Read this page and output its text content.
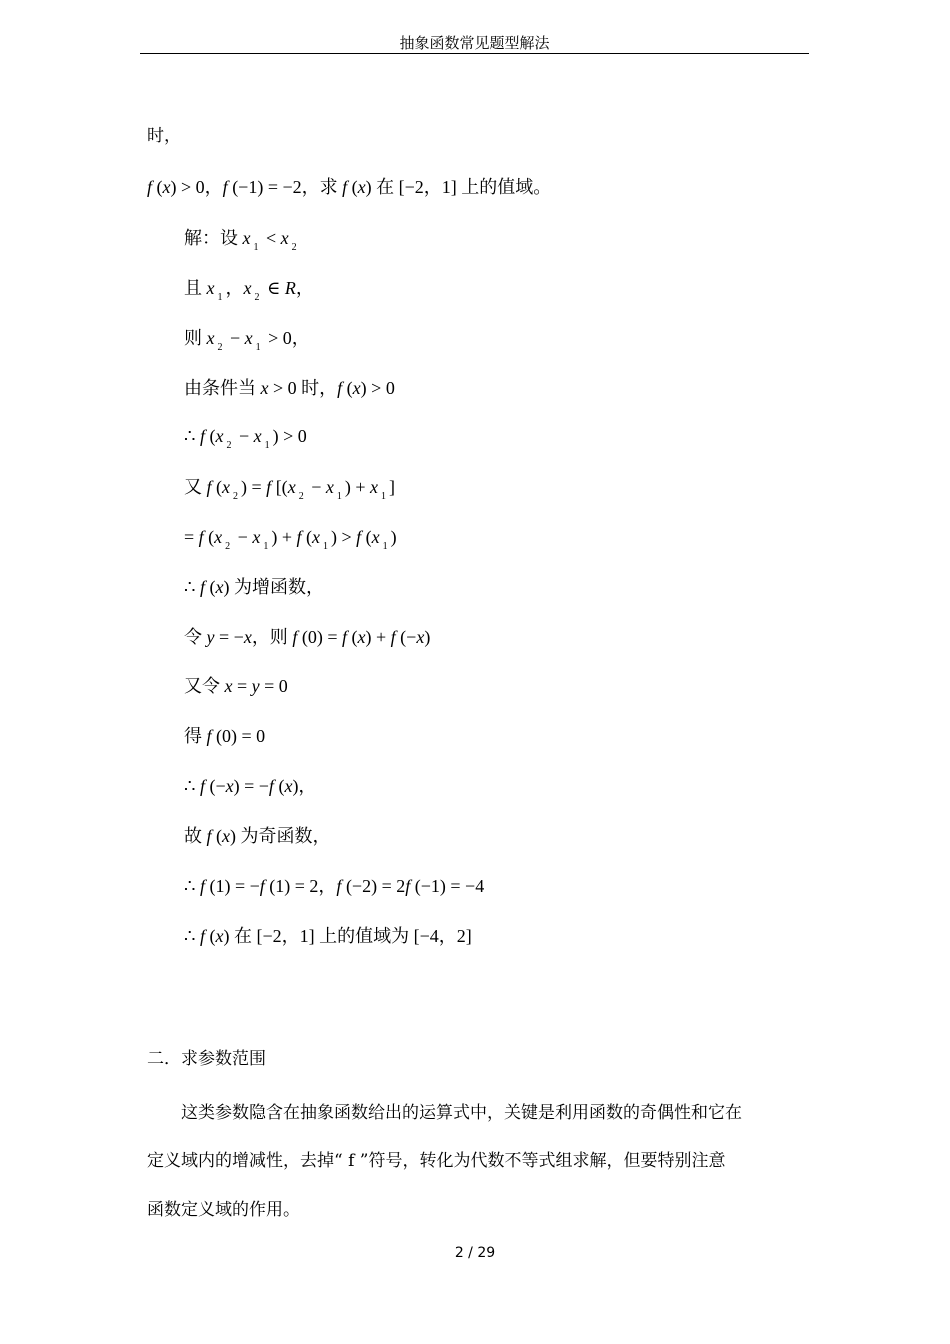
抽象函数常见题型解法
时，
f (x) > 0，f (−1) = −2，求 f (x) 在 [−2，1] 上的值域。
解：设 x $_1$ < x $_2$
且 x $_1$ ，x $_2$ ∈ R，
则 x $_2$ − x $_1$ > 0，
由条件当 x > 0 时，f (x) > 0
∴ f (x $_2$ − x $_1$ ) > 0
又 f (x $_2$ ) = f [(x $_2$ − x $_1$ ) + x $_1$ ]
= f (x $_2$ − x $_1$ ) + f (x $_1$ ) > f (x $_1$ )
∴ f (x) 为增函数，
令 y = −x，则 f (0) = f (x) + f (−x)
又令 x = y = 0
得 f (0) = 0
∴ f (−x) = −f (x)，
故 f (x) 为奇函数，
∴ f (1) = −f (1) = 2，f (−2) = 2f (−1) = −4
∴ f (x) 在 [−2，1] 上的值域为 [−4，2]
二．求参数范围
这类参数隐含在抽象函数给出的运算式中，关键是利用函数的奇偶性和它在
定义域内的增减性，去掉“ f ”符号，转化为代数不等式组求解，但要特别注意
函数定义域的作用。
2 / 29
